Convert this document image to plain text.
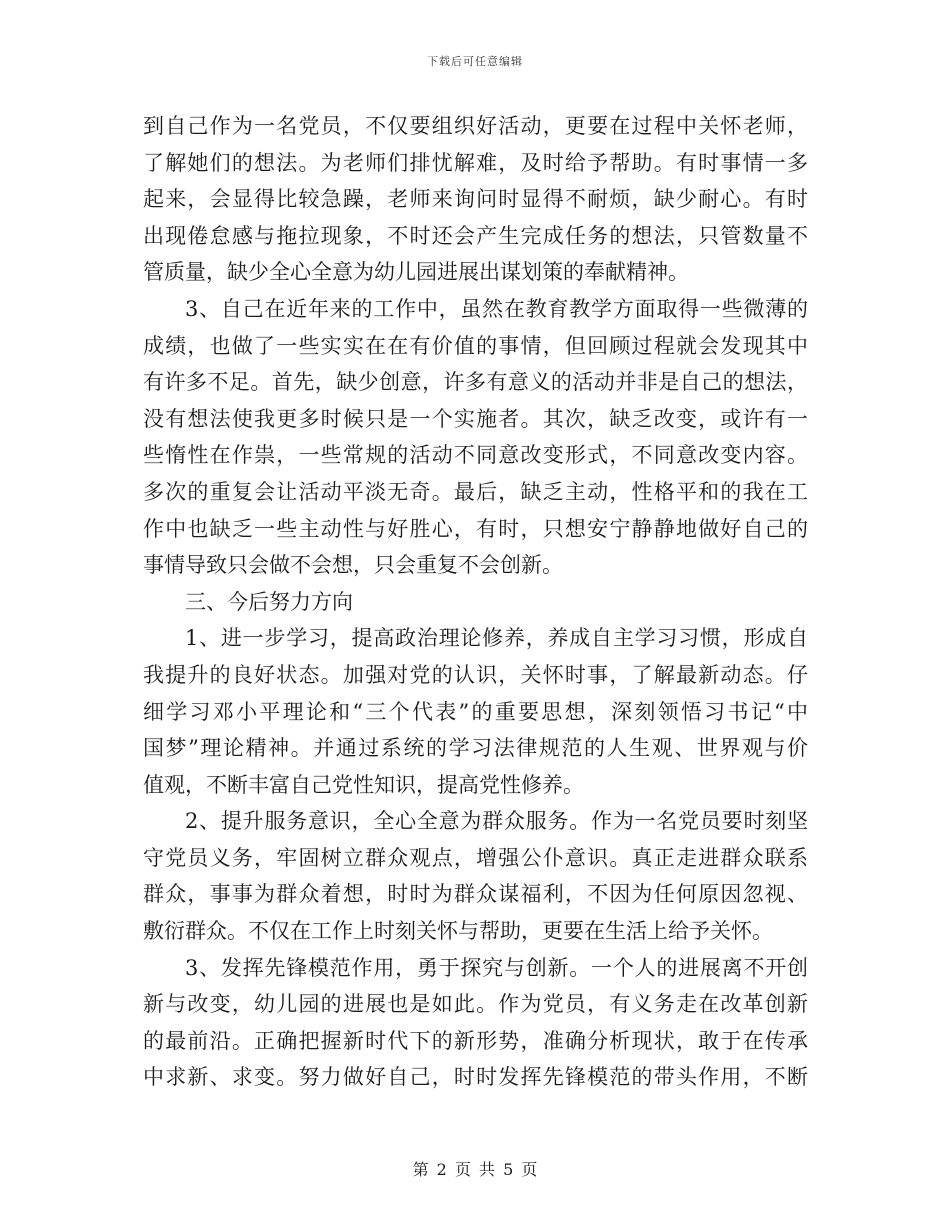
下载后可任意编辑
到自己作为一名党员，不仅要组织好活动，更要在过程中关怀老师，
了解她们的想法。为老师们排忧解难，及时给予帮助。有时事情一多
起来，会显得比较急躁，老师来询问时显得不耐烦，缺少耐心。有时
出现倦怠感与拖拉现象，不时还会产生完成任务的想法，只管数量不
管质量，缺少全心全意为幼儿园进展出谋划策的奉献精神。
3、自己在近年来的工作中，虽然在教育教学方面取得一些微薄的
成绩，也做了一些实实在在有价值的事情，但回顾过程就会发现其中
有许多不足。首先，缺少创意，许多有意义的活动并非是自己的想法，
没有想法使我更多时候只是一个实施者。其次，缺乏改变，或许有一
些惰性在作祟，一些常规的活动不同意改变形式，不同意改变内容。
多次的重复会让活动平淡无奇。最后，缺乏主动，性格平和的我在工
作中也缺乏一些主动性与好胜心，有时，只想安宁静静地做好自己的
事情导致只会做不会想，只会重复不会创新。
三、今后努力方向
1、进一步学习，提高政治理论修养，养成自主学习习惯，形成自
我提升的良好状态。加强对党的认识，关怀时事，了解最新动态。仔
细学习邓小平理论和“三个代表”的重要思想，深刻领悟习书记“中
国梦”理论精神。并通过系统的学习法律规范的人生观、世界观与价
值观，不断丰富自己党性知识，提高党性修养。
2、提升服务意识，全心全意为群众服务。作为一名党员要时刻坚
守党员义务，牢固树立群众观点，增强公仆意识。真正走进群众联系
群众，事事为群众着想，时时为群众谋福利，不因为任何原因忽视、
敷衍群众。不仅在工作上时刻关怀与帮助，更要在生活上给予关怀。
3、发挥先锋模范作用，勇于探究与创新。一个人的进展离不开创
新与改变，幼儿园的进展也是如此。作为党员，有义务走在改革创新
的最前沿。正确把握新时代下的新形势，准确分析现状，敢于在传承
中求新、求变。努力做好自己，时时发挥先锋模范的带头作用，不断
第 2 页 共 5 页
